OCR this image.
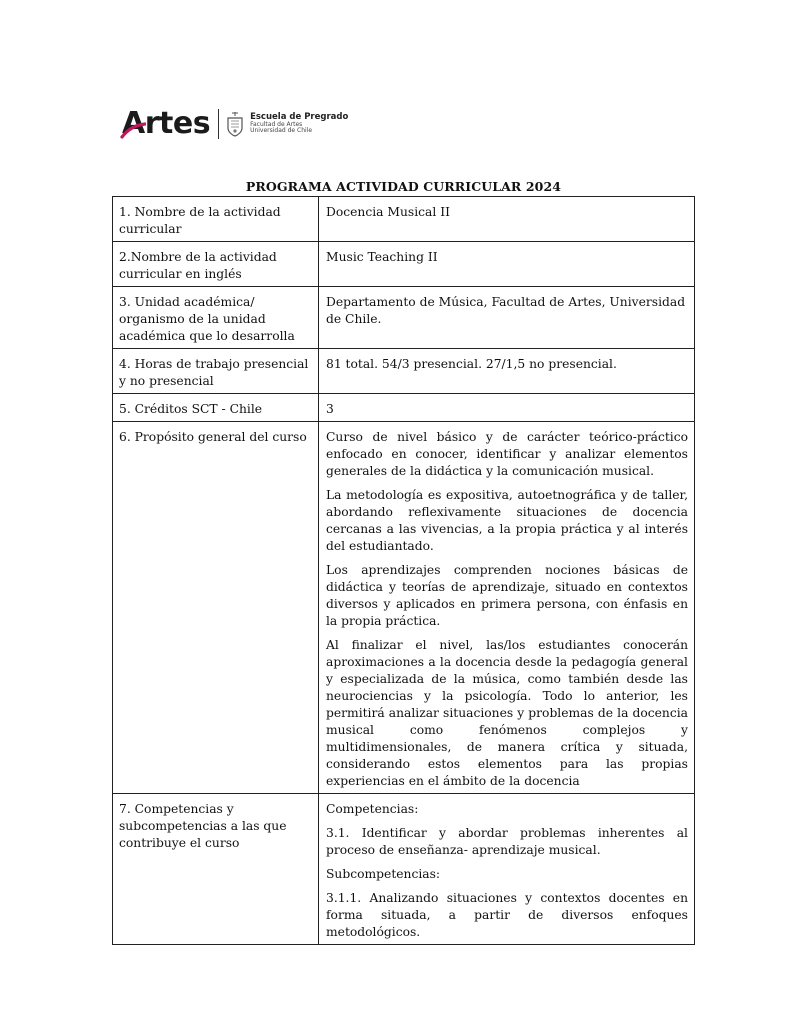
Artes	Escuela de Pregrado
Facultad de Artes
Universidad de Chile
PROGRAMA ACTIVIDAD CURRICULAR 2024
1. Nombre de la actividad curricular	Docencia Musical II
2.Nombre de la actividad curricular en inglés	Music Teaching II
3. Unidad académica/ organismo de la unidad académica que lo desarrolla	Departamento de Música, Facultad de Artes, Universidad de Chile.
4. Horas de trabajo presencial y no presencial	81 total. 54/3 presencial. 27/1,5 no presencial.
5. Créditos SCT - Chile	3
6. Propósito general del curso	Curso de nivel básico y de carácter teórico-práctico enfocado en conocer, identificar y analizar elementos generales de la didáctica y la comunicación musical.

La metodología es expositiva, autoetnográfica y de taller, abordando reflexivamente situaciones de docencia cercanas a las vivencias, a la propia práctica y al interés del estudiantado.

Los aprendizajes comprenden nociones básicas de didáctica y teorías de aprendizaje, situado en contextos diversos y aplicados en primera persona, con énfasis en la propia práctica.

Al finalizar el nivel, las/los estudiantes conocerán aproximaciones a la docencia desde la pedagogía general y especializada de la música, como también desde las neurociencias y la psicología. Todo lo anterior, les permitirá analizar situaciones y problemas de la docencia musical como fenómenos complejos y multidimensionales, de manera crítica y situada, considerando estos elementos para las propias experiencias en el ámbito de la docencia

7. Competencias y subcompetencias a las que contribuye el curso	Competencias:

3.1. Identificar y abordar problemas inherentes al proceso de enseñanza- aprendizaje musical.

Subcompetencias:

3.1.1. Analizando situaciones y contextos docentes en forma situada, a partir de diversos enfoques metodológicos.
